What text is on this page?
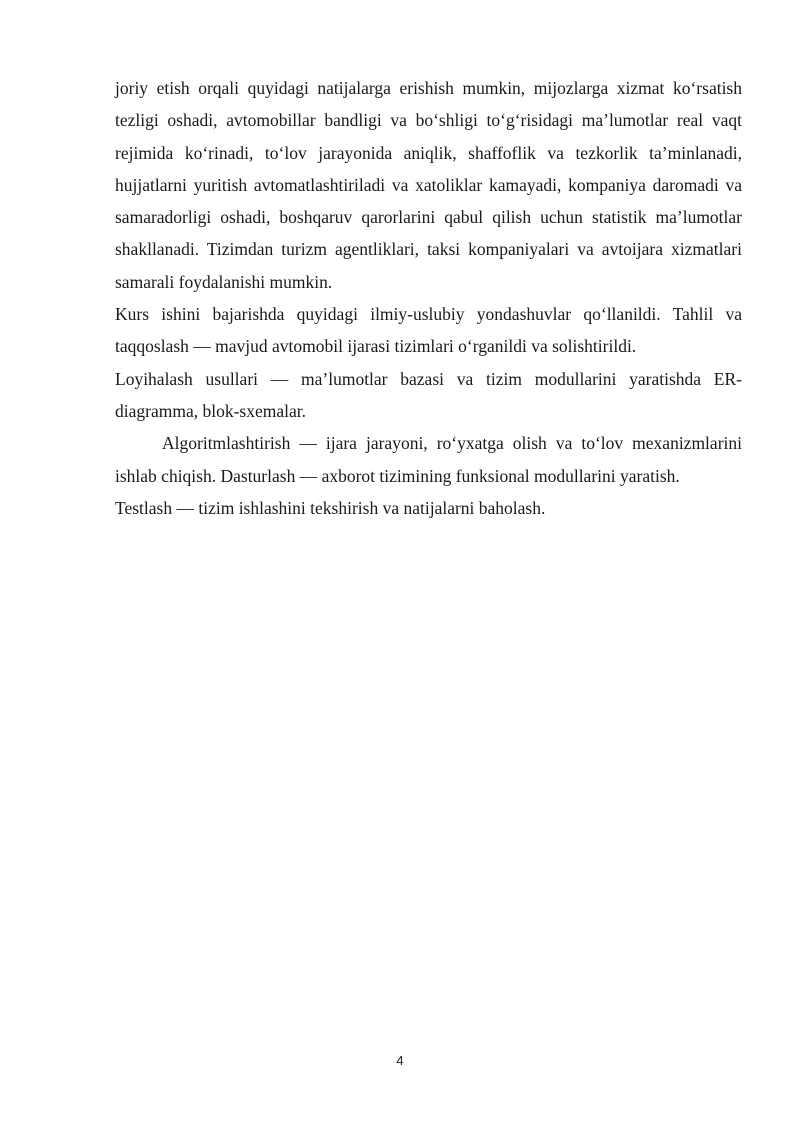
joriy etish orqali quyidagi natijalarga erishish mumkin, mijozlarga xizmat ko‘rsatish tezligi oshadi, avtomobillar bandligi va bo‘shligi to‘g‘risidagi ma’lumotlar real vaqt rejimida ko‘rinadi, to‘lov jarayonida aniqlik, shaffoflik va tezkorlik ta’minlanadi, hujjatlarni yuritish avtomatlashtiriladi va xatoliklar kamayadi, kompaniya daromadi va samaradorligi oshadi, boshqaruv qarorlarini qabul qilish uchun statistik ma’lumotlar shakllanadi. Tizimdan turizm agentliklari, taksi kompaniyalari va avtoijara xizmatlari samarali foydalanishi mumkin.

Kurs ishini bajarishda quyidagi ilmiy-uslubiy yondashuvlar qo‘llanildi. Tahlil va taqqoslash — mavjud avtomobil ijarasi tizimlari o‘rganildi va solishtirildi.

Loyihalash usullari — ma’lumotlar bazasi va tizim modullarini yaratishda ER-diagramma, blok-sxemalar.

Algoritmlashtirish — ijara jarayoni, ro‘yxatga olish va to‘lov mexanizmlarini ishlab chiqish. Dasturlash — axborot tizimining funksional modullarini yaratish.

Testlash — tizim ishlashini tekshirish va natijalarni baholash.

4
